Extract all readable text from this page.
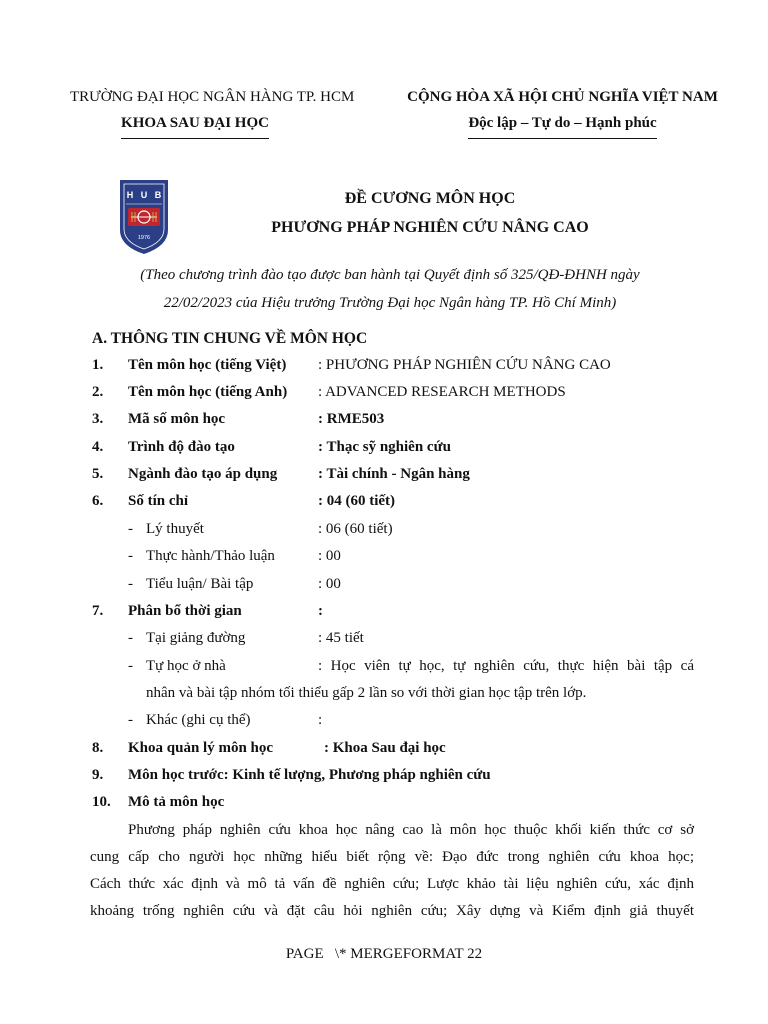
TRƯỜNG ĐẠI HỌC NGÂN HÀNG TP. HCM
KHOA SAU ĐẠI HỌC
CỘNG HÒA XÃ HỘI CHỦ NGHĨA VIỆT NAM
Độc lập – Tự do – Hạnh phúc
H U B
1976
ĐỀ CƯƠNG MÔN HỌC
PHƯƠNG PHÁP NGHIÊN CỨU NÂNG CAO
(Theo chương trình đào tạo được ban hành tại Quyết định số 325/QĐ-ĐHNH ngày
22/02/2023 của Hiệu trưởng Trường Đại học Ngân hàng TP. Hồ Chí Minh)
A. THÔNG TIN CHUNG VỀ MÔN HỌC
1. Tên môn học (tiếng Việt) : PHƯƠNG PHÁP NGHIÊN CỨU NÂNG CAO
2. Tên môn học (tiếng Anh) : ADVANCED RESEARCH METHODS
3. Mã số môn học	: RME503
4. Trình độ đào tạo	: Thạc sỹ nghiên cứu
5. Ngành đào tạo áp dụng	: Tài chính - Ngân hàng
6. Số tín chỉ	: 04 (60 tiết)
- Lý thuyết	: 06 (60 tiết)
- Thực hành/Thảo luận	: 00
- Tiểu luận/ Bài tập	: 00
7. Phân bổ thời gian	:
- Tại giảng đường	: 45 tiết
- Tự học ở nhà	: Học viên tự học, tự nghiên cứu, thực hiện bài tập cá
nhân và bài tập nhóm tối thiểu gấp 2 lần so với thời gian học tập trên lớp.
- Khác (ghi cụ thể)	:
8. Khoa quản lý môn học	: Khoa Sau đại học
9. Môn học trước: Kinh tế lượng, Phương pháp nghiên cứu
10. Mô tả môn học
Phương pháp nghiên cứu khoa học nâng cao là môn học thuộc khối kiến thức cơ sở
cung cấp cho người học những hiểu biết rộng về: Đạo đức trong nghiên cứu khoa học;
Cách thức xác định và mô tả vấn đề nghiên cứu; Lược khảo tài liệu nghiên cứu, xác định
khoảng trống nghiên cứu và đặt câu hỏi nghiên cứu; Xây dựng và Kiểm định giả thuyết
PAGE   \* MERGEFORMAT 22
